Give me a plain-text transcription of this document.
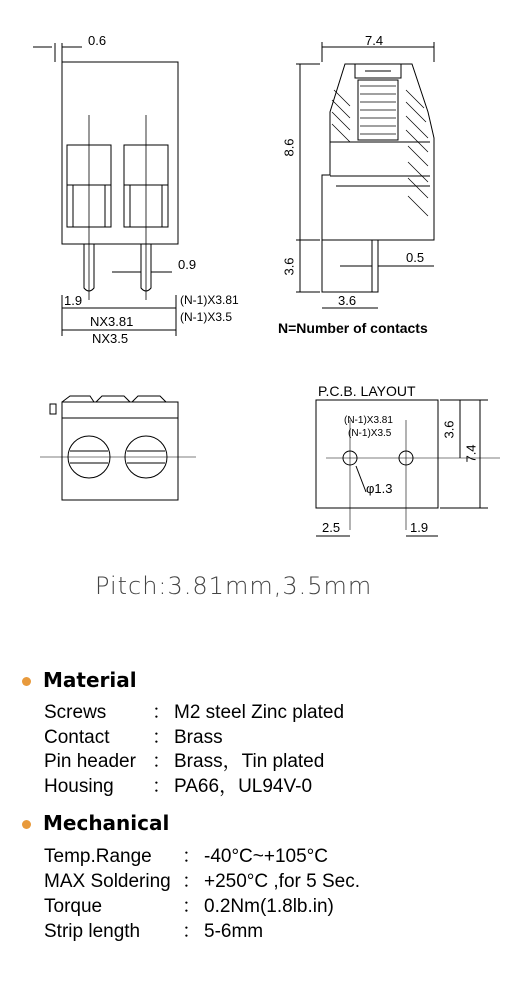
0.6	7.4
8.6
0.9	3.6	0.5
3.6
1.9	(N-1)X3.81
(N-1)X3.5
NX3.81
NX3.5
N=Number of contacts
P.C.B. LAYOUT
(N-1)X3.81
(N-1)X3.5	3.6
7.4
φ1.3
2.5	1.9
Pitch:3.81mm,3.5mm
Material
Screws ： M2 steel Zinc plated
Contact ： Brass
Pin header ： Brass，Tin plated
Housing ： PA66，UL94V-0
Mechanical
Temp.Range ： -40°C~+105°C
MAX Soldering ： +250°C ,for 5 Sec.
Torque	： 0.2Nm(1.8lb.in)
Strip length ： 5-6mm
